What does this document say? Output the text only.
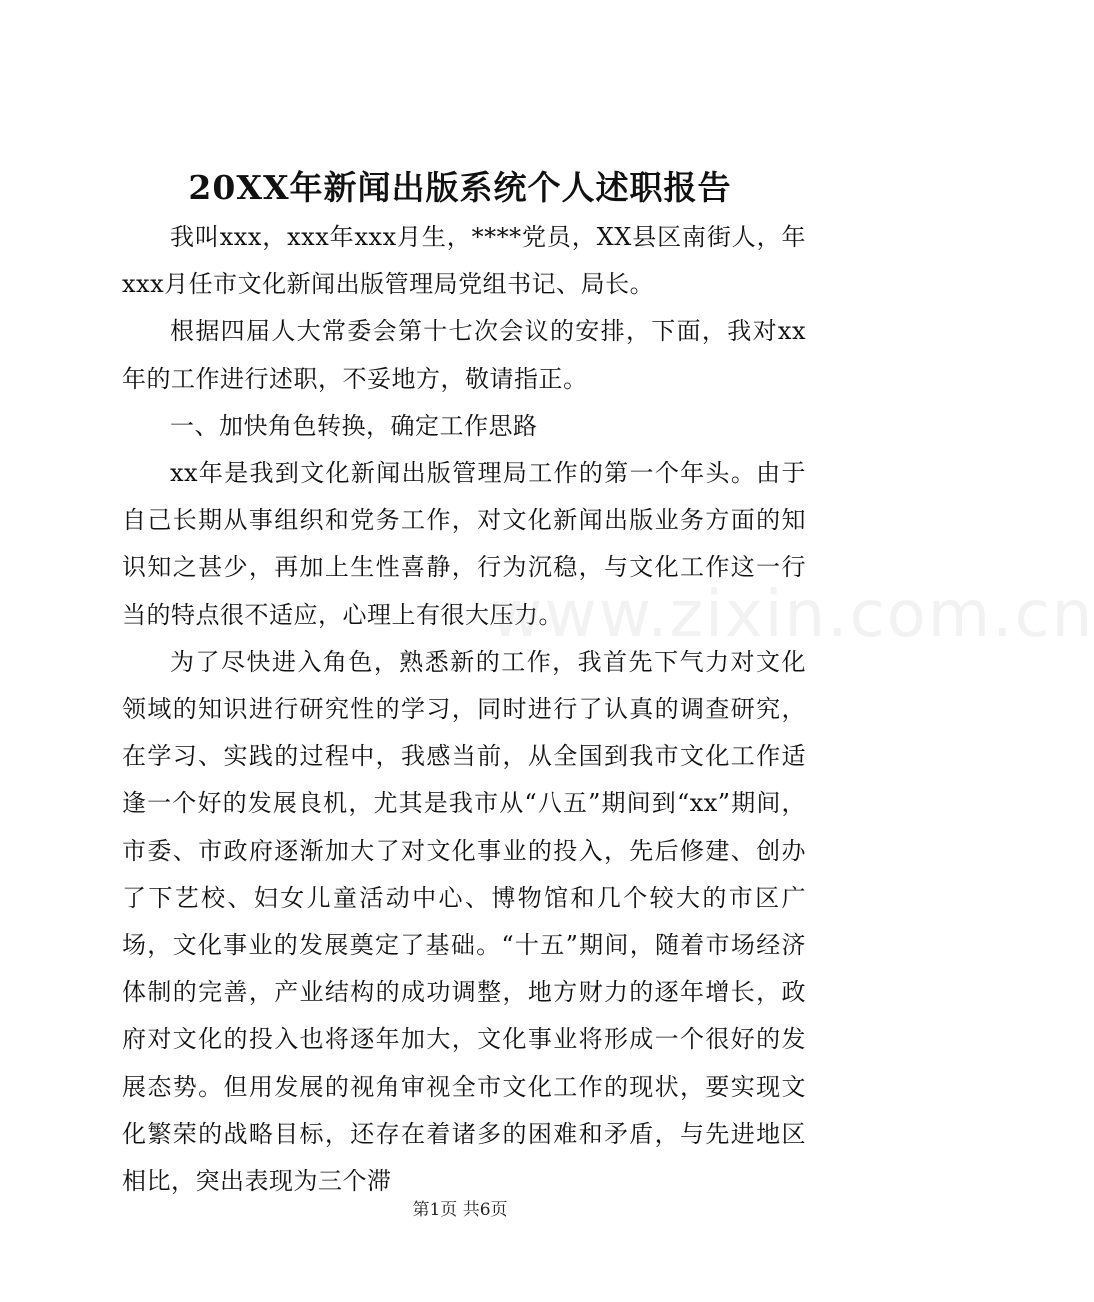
20XX年新闻出版系统个人述职报告

我叫xxx，xxx年xxx月生，****党员，XX县区南街人，年xxx月任市文化新闻出版管理局党组书记、局长。

根据四届人大常委会第十七次会议的安排，下面，我对xx年的工作进行述职，不妥地方，敬请指正。

一、加快角色转换，确定工作思路

xx年是我到文化新闻出版管理局工作的第一个年头。由于自己长期从事组织和党务工作，对文化新闻出版业务方面的知识知之甚少，再加上生性喜静，行为沉稳，与文化工作这一行当的特点很不适应，心理上有很大压力。

为了尽快进入角色，熟悉新的工作，我首先下气力对文化领域的知识进行研究性的学习，同时进行了认真的调查研究，在学习、实践的过程中，我感当前，从全国到我市文化工作适逢一个好的发展良机，尤其是我市从“八五”期间到“xx”期间，市委、市政府逐渐加大了对文化事业的投入，先后修建、创办了下艺校、妇女儿童活动中心、博物馆和几个较大的市区广场，文化事业的发展奠定了基础。“十五”期间，随着市场经济体制的完善，产业结构的成功调整，地方财力的逐年增长，政府对文化的投入也将逐年加大，文化事业将形成一个很好的发展态势。但用发展的视角审视全市文化工作的现状，要实现文化繁荣的战略目标，还存在着诸多的困难和矛盾，与先进地区相比，突出表现为三个滞

www.zixin.com.cn
第1页 共6页
